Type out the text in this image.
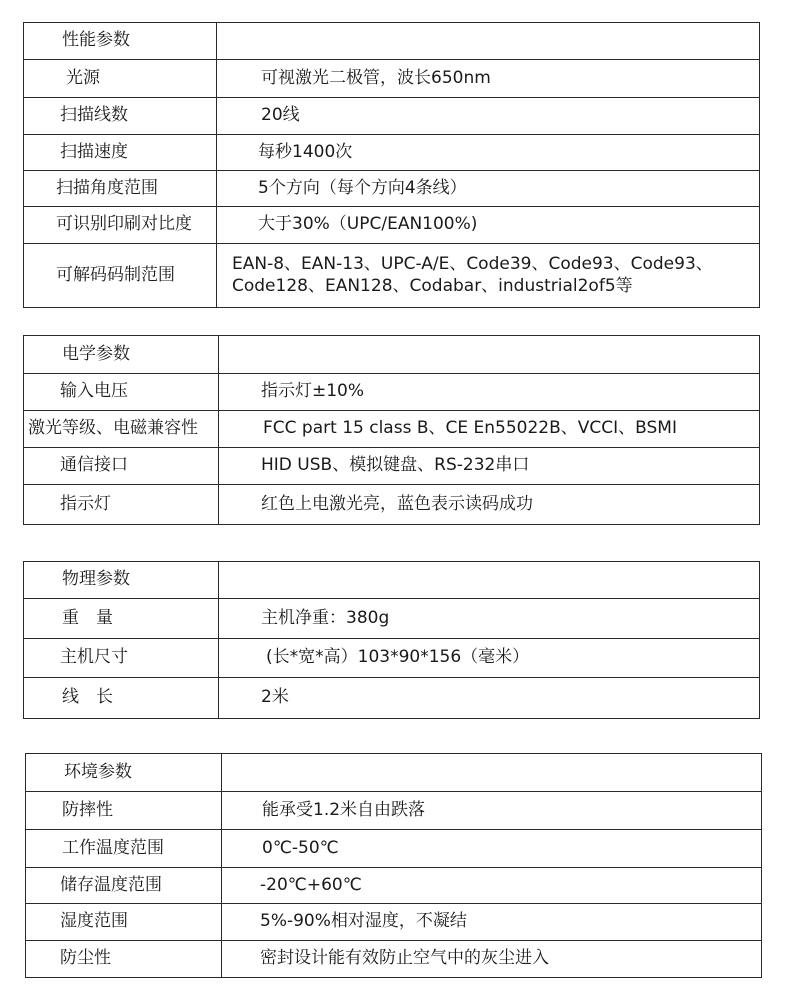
性能参数	
光源	可视激光二极管，波长650nm
扫描线数	20线
扫描速度	每秒1400次
扫描角度范围	5个方向（每个方向4条线）
可识别印刷对比度	大于30%（UPC/EAN100%)
可解码码制范围	EAN-8、EAN-13、UPC-A/E、Code39、Code93、Code93、Code128、EAN128、Codabar、industrial2of5等
电学参数	
输入电压	指示灯±10%
激光等级、电磁兼容性	FCC part 15 class B、CE En55022B、VCCI、BSMI
通信接口	HID USB、模拟键盘、RS-232串口
指示灯	红色上电激光亮，蓝色表示读码成功
物理参数	
重　量	主机净重：380g
主机尺寸	(长*宽*高）103*90*156（毫米）
线　长	2米
环境参数	
防摔性	能承受1.2米自由跌落
工作温度范围	0℃-50℃
储存温度范围	-20℃+60℃
湿度范围	5%-90%相对湿度，不凝结
防尘性	密封设计能有效防止空气中的灰尘进入
